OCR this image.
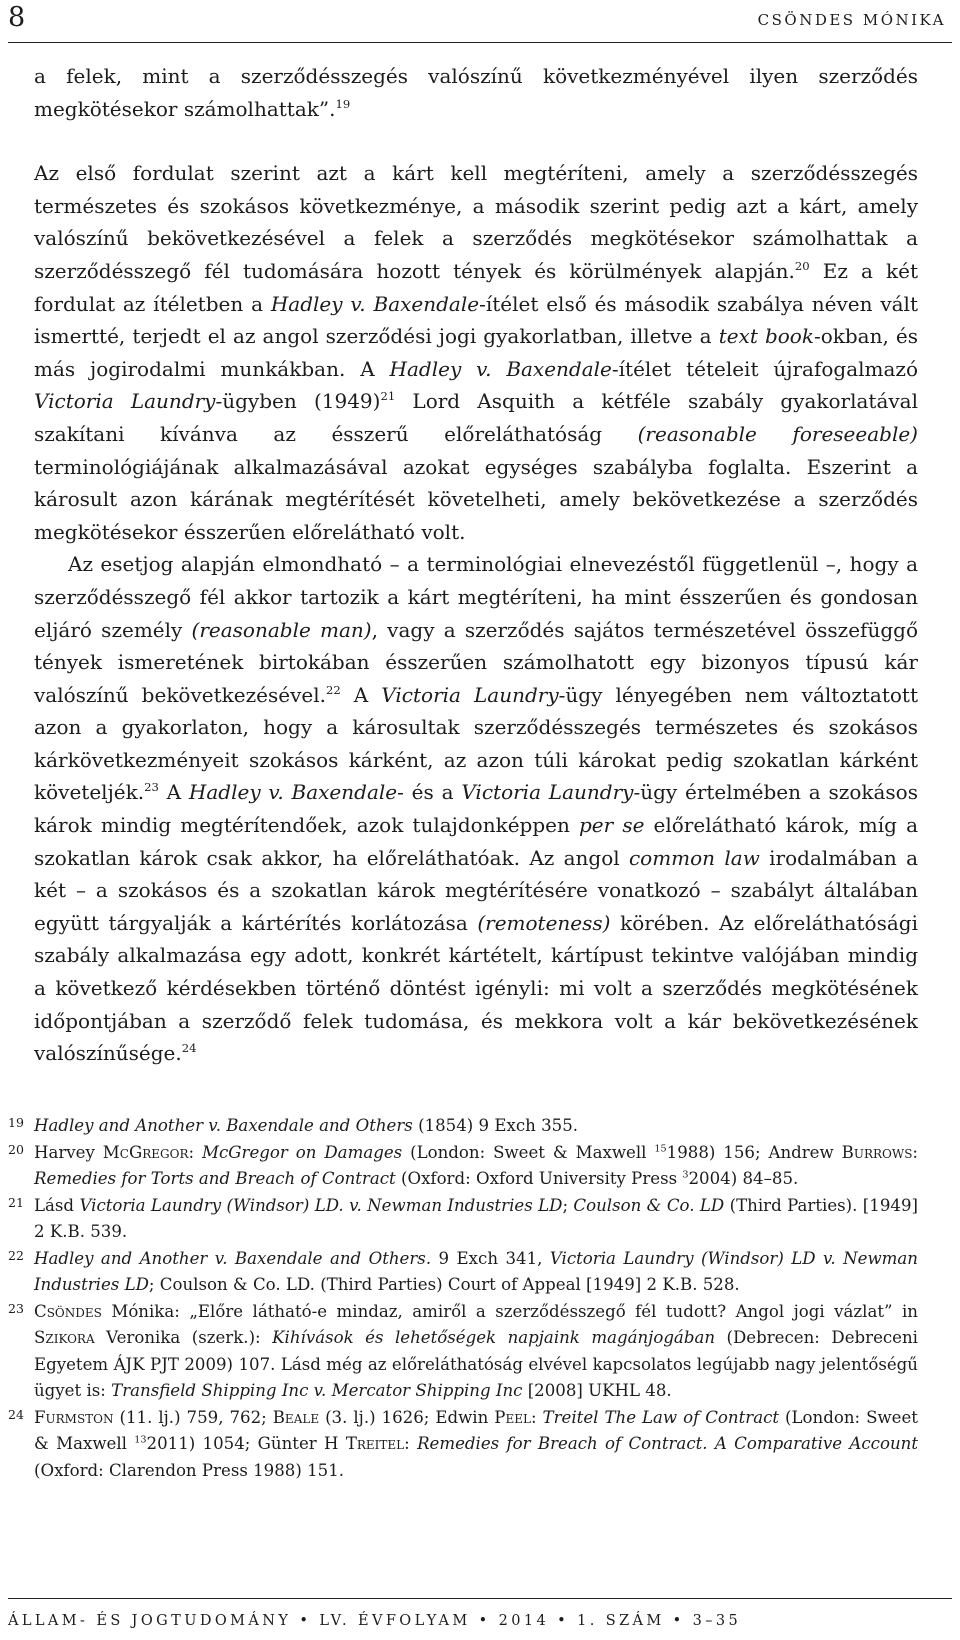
8	CSÖNDES MÓNIKA

a felek, mint a szerződésszegés valószínű következményével ilyen szerződés megkötésekor számolhattak”.$^{19}$

Az első fordulat szerint azt a kárt kell megtéríteni, amely a szerződésszegés természetes és szokásos következménye, a második szerint pedig azt a kárt, amely valószínű bekövetkezésével a felek a szerződés megkötésekor számolhattak a szerződésszegő fél tudomására hozott tények és körülmények alapján.$^{20}$ Ez a két fordulat az ítéletben a Hadley v. Baxendale-ítélet első és második szabálya néven vált ismertté, terjedt el az angol szerződési jogi gyakorlatban, illetve a text book-okban, és más jogirodalmi munkákban. A Hadley v. Baxendale-ítélet tételeit újrafogalmazó Victoria Laundry-ügyben $(1949)^{21}$ Lord Asquith a kétféle szabály gyakorlatával szakítani kívánva az ésszerű előreláthatóság (reasonable foreseeable) terminológiájának alkalmazásával azokat egységes szabályba foglalta. Eszerint a károsult azon kárának megtérítését követelheti, amely bekövetkezése a szerződés megkötésekor ésszerűen előrelátható volt.

Az esetjog alapján elmondható – a terminológiai elnevezéstől függetlenül –, hogy a szerződésszegő fél akkor tartozik a kárt megtéríteni, ha mint ésszerűen és gondosan eljáró személy (reasonable man), vagy a szerződés sajátos természetével összefüggő tények ismeretének birtokában ésszerűen számolhatott egy bizonyos típusú kár valószínű bekövetkezésével.$^{22}$ A Victoria Laundry-ügy lényegében nem változtatott azon a gyakorlaton, hogy a károsultak szerződésszegés természetes és szokásos kárkövetkezményeit szokásos kárként, az azon túli károkat pedig szokatlan kárként követeljék.$^{23}$ A Hadley v. Baxendale- és a Victoria Laundry-ügy értelmében a szokásos károk mindig megtérítendőek, azok tulajdonképpen per se előrelátható károk, míg a szokatlan károk csak akkor, ha előreláthatóak. Az angol common law irodalmában a két – a szokásos és a szokatlan károk megtérítésére vonatkozó – szabályt általában együtt tárgyalják a kártérítés korlátozása (remoteness) körében. Az előreláthatósági szabály alkalmazása egy adott, konkrét kártételt, kártípust tekintve valójában mindig a következő kérdésekben történő döntést igényli: mi volt a szerződés megkötésének időpontjában a szerződő felek tudomása, és mekkora volt a kár bekövetkezésének valószínűsége.$^{24}$

19 Hadley and Another v. Baxendale and Others (1854) 9 Exch 355.
20 Harvey McGregor: McGregor on Damages (London: Sweet & Maxwell $^{15}$1988) 156; Andrew Burrows: Remedies for Torts and Breach of Contract (Oxford: Oxford University Press $^3$2004) 84–85.
21 Lásd Victoria Laundry (Windsor) LD. v. Newman Industries LD; Coulson & Co. LD (Third Parties). [1949] 2 K.B. 539.
22 Hadley and Another v. Baxendale and Others. 9 Exch 341, Victoria Laundry (Windsor) LD v. Newman Industries LD; Coulson & Co. LD. (Third Parties) Court of Appeal [1949] 2 K.B. 528.
23 Csöndes Mónika: „Előre látható-e mindaz, amiről a szerződésszegő fél tudott? Angol jogi vázlat” in Szikora Veronika (szerk.): Kihívások és lehetőségek napjaink magánjogában (Debrecen: Debreceni Egyetem ÁJK PJT 2009) 107. Lásd még az előreláthatóság elvével kapcsolatos legújabb nagy jelentőségű ügyet is: Transfield Shipping Inc v. Mercator Shipping Inc [2008] UKHL 48.
24 Furmston (11. lj.) 759, 762; Beale (3. lj.) 1626; Edwin Peel: Treitel The Law of Contract (London: Sweet & Maxwell $^{13}$2011) 1054; Günter H Treitel: Remedies for Breach of Contract. A Comparative Account (Oxford: Clarendon Press 1988) 151.
ÁLLAM- ÉS JOGTUDOMÁNY • LV. ÉVFOLYAM • 2014 • 1. SZÁM • 3–35
